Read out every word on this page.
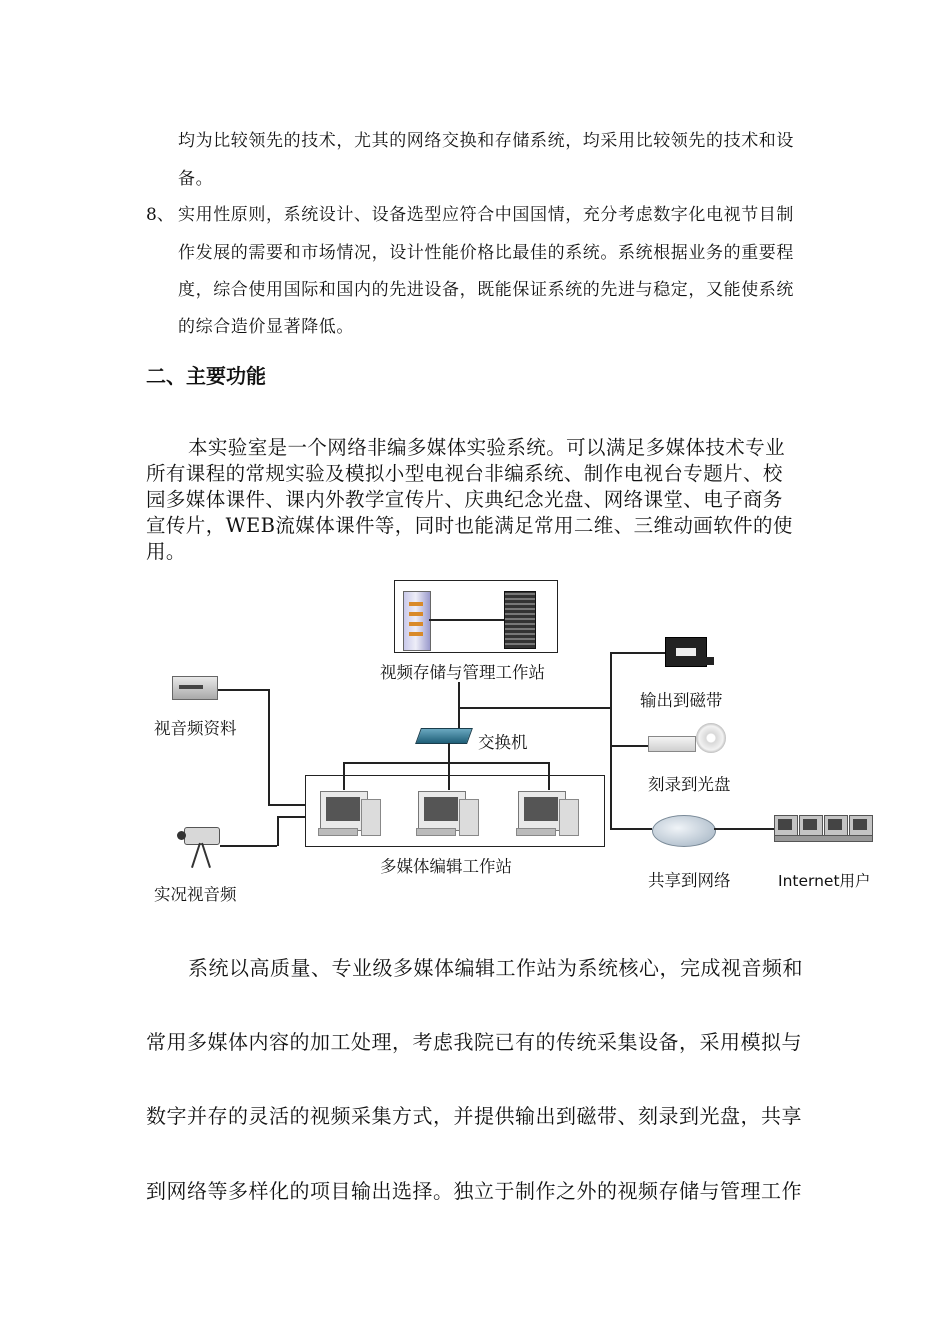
均为比较领先的技术，尤其的网络交换和存储系统，均采用比较领先的技术和设
备。
8、 实用性原则，系统设计、设备选型应符合中国国情，充分考虑数字化电视节目制
作发展的需要和市场情况，设计性能价格比最佳的系统。系统根据业务的重要程
度，综合使用国际和国内的先进设备，既能保证系统的先进与稳定，又能使系统
的综合造价显著降低。
二、主要功能
本实验室是一个网络非编多媒体实验系统。可以满足多媒体技术专业
所有课程的常规实验及模拟小型电视台非编系统、制作电视台专题片、校
园多媒体课件、课内外教学宣传片、庆典纪念光盘、网络课堂、电子商务
宣传片，WEB流媒体课件等，同时也能满足常用二维、三维动画软件的使
用。
视频存储与管理工作站
交换机
多媒体编辑工作站
视音频资料
实况视音频
输出到磁带
刻录到光盘
共享到网络	Internet用户
系统以高质量、专业级多媒体编辑工作站为系统核心，完成视音频和
常用多媒体内容的加工处理，考虑我院已有的传统采集设备，采用模拟与
数字并存的灵活的视频采集方式，并提供输出到磁带、刻录到光盘，共享
到网络等多样化的项目输出选择。独立于制作之外的视频存储与管理工作
